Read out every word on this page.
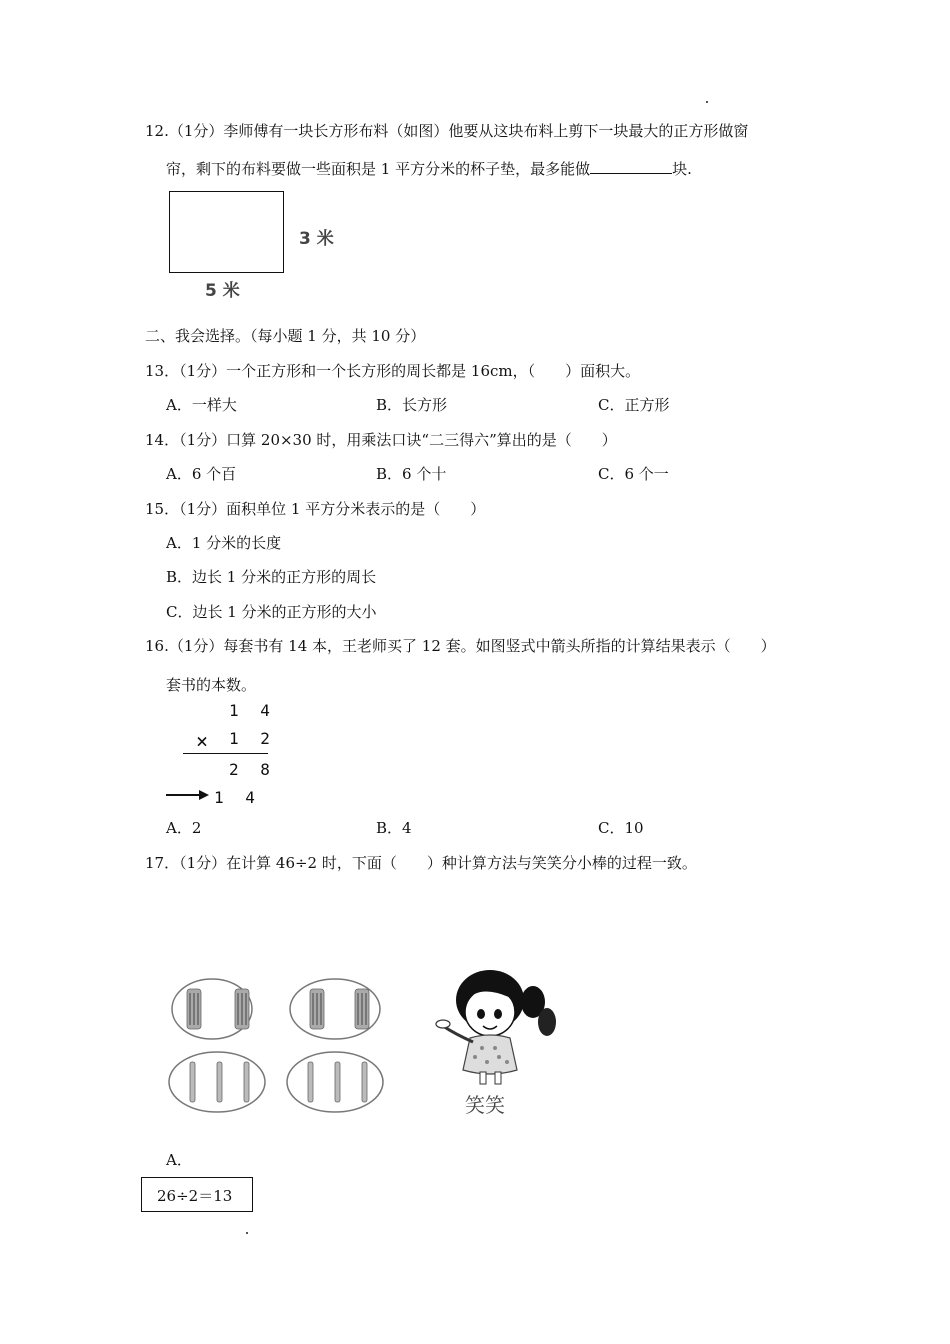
12.（1分）李师傅有一块长方形布料（如图）他要从这块布料上剪下一块最大的正方形做窗
帘，剩下的布料要做一些面积是 1 平方分米的杯子垫，最多能做	块.
3 米
5 米
二、我会选择。（每小题 1 分，共 10 分）
13．（1分）一个正方形和一个长方形的周长都是 16cm，（　　）面积大。
A．一样大	B．长方形	C．正方形
14．（1分）口算 20×30 时，用乘法口诀“二三得六”算出的是（　　）
A．6 个百	B．6 个十	C．6 个一
15．（1分）面积单位 1 平方分米表示的是（　　）
A．1 分米的长度
B．边长 1 分米的正方形的周长
C．边长 1 分米的正方形的大小
16.（1分）每套书有 14 本，王老师买了 12 套。如图竖式中箭头所指的计算结果表示（　　）
套书的本数。
1 4
× 1 2
2 8
1 4
A．2	B．4	C．10
17．（1分）在计算 46÷2 时，下面（　　）种计算方法与笑笑分小棒的过程一致。
笑笑
A．
26÷2＝13
